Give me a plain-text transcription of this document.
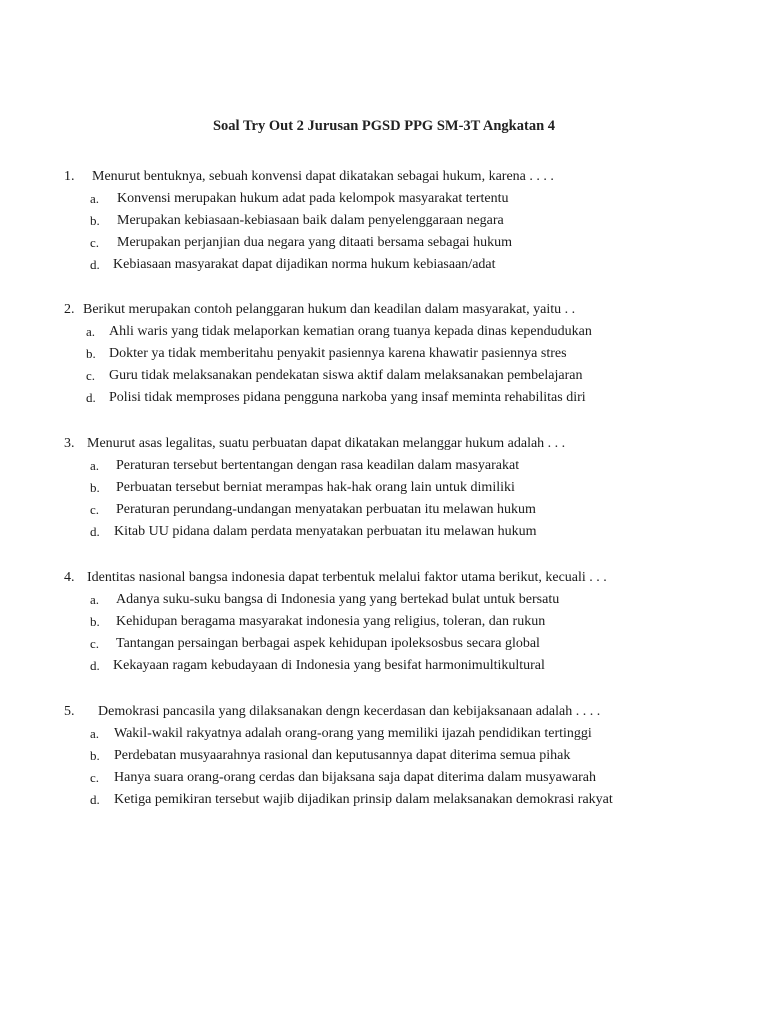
Soal Try Out 2 Jurusan PGSD PPG SM-3T Angkatan 4
1. Menurut bentuknya, sebuah konvensi dapat dikatakan sebagai hukum, karena . . . .
a. Konvensi merupakan hukum adat pada kelompok masyarakat tertentu
b. Merupakan kebiasaan-kebiasaan baik dalam penyelenggaraan negara
c. Merupakan perjanjian dua negara yang ditaati bersama sebagai hukum
d. Kebiasaan masyarakat dapat dijadikan norma hukum kebiasaan/adat
2. Berikut merupakan contoh pelanggaran hukum dan keadilan dalam masyarakat, yaitu . .
a. Ahli waris yang tidak melaporkan kematian orang tuanya kepada dinas kependudukan
b. Dokter ya tidak memberitahu penyakit pasiennya karena khawatir pasiennya stres
c. Guru tidak melaksanakan pendekatan siswa aktif dalam melaksanakan pembelajaran
d. Polisi tidak memproses pidana pengguna narkoba yang insaf meminta rehabilitas diri
3. Menurut asas legalitas, suatu perbuatan dapat dikatakan melanggar hukum adalah . . .
a. Peraturan tersebut bertentangan dengan rasa keadilan dalam masyarakat
b. Perbuatan tersebut berniat merampas hak-hak orang lain untuk dimiliki
c. Peraturan perundang-undangan menyatakan perbuatan itu melawan hukum
d. Kitab UU pidana dalam perdata menyatakan perbuatan itu melawan hukum
4. Identitas nasional bangsa indonesia dapat terbentuk melalui faktor utama berikut, kecuali . . .
a. Adanya suku-suku bangsa di Indonesia yang yang bertekad bulat untuk bersatu
b. Kehidupan beragama masyarakat indonesia yang religius, toleran, dan rukun
c. Tantangan persaingan berbagai aspek kehidupan ipoleksosbus secara global
d. Kekayaan ragam kebudayaan di Indonesia yang besifat harmonimultikultural
5. Demokrasi pancasila yang dilaksanakan dengn kecerdasan dan kebijaksanaan adalah . . . .
a. Wakil-wakil rakyatnya adalah orang-orang yang memiliki ijazah pendidikan tertinggi
b. Perdebatan musyaarahnya rasional dan keputusannya dapat diterima semua pihak
c. Hanya suara orang-orang cerdas dan bijaksana saja dapat diterima dalam musyawarah
d. Ketiga pemikiran tersebut wajib dijadikan prinsip dalam melaksanakan demokrasi rakyat
